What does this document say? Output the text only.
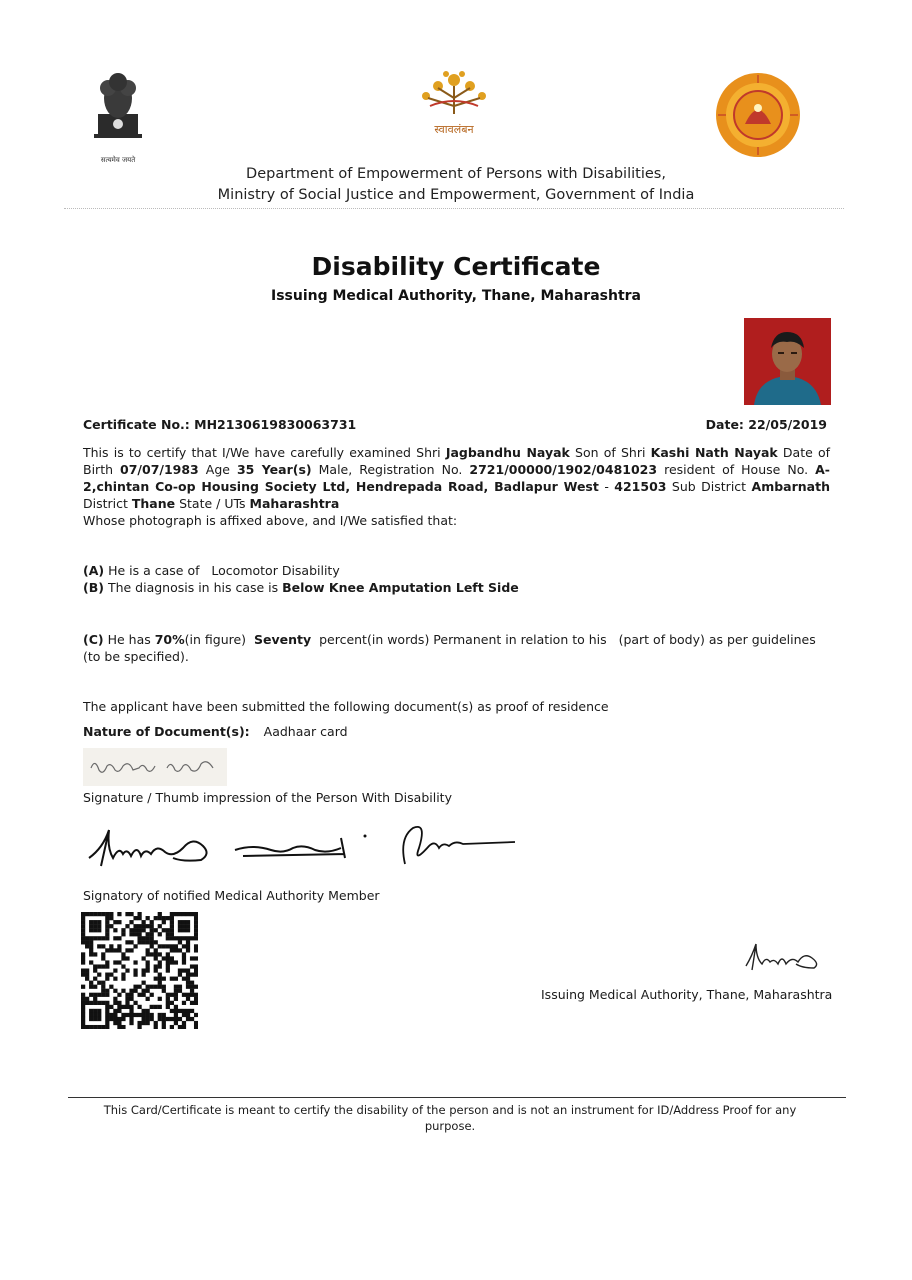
सत्यमेव जयते
स्वावलंबन
Department of Empowerment of Persons with Disabilities,
Ministry of Social Justice and Empowerment, Government of India
Disability Certificate
Issuing Medical Authority, Thane, Maharashtra
Certificate No.: MH2130619830063731	Date: 22/05/2019
This is to certify that I/We have carefully examined Shri Jagbandhu Nayak Son of Shri Kashi Nath Nayak Date of Birth 07/07/1983 Age 35 Year(s) Male, Registration No. 2721/00000/1902/0481023 resident of House No. A-2,chintan Co-op Housing Society Ltd, Hendrepada Road, Badlapur West - 421503 Sub District Ambarnath District Thane State / UTs Maharashtra
Whose photograph is affixed above, and I/We satisfied that:
(A) He is a case of   Locomotor Disability
(B) The diagnosis in his case is Below Knee Amputation Left Side
(C) He has 70%(in figure)  Seventy  percent(in words) Permanent in relation to his   (part of body) as per guidelines
(to be specified).
The applicant have been submitted the following document(s) as proof of residence
Nature of Document(s): Aadhaar card
Signature / Thumb impression of the Person With Disability
Signatory of notified Medical Authority Member
Issuing Medical Authority, Thane, Maharashtra
This Card/Certificate is meant to certify the disability of the person and is not an instrument for ID/Address Proof for any purpose.
